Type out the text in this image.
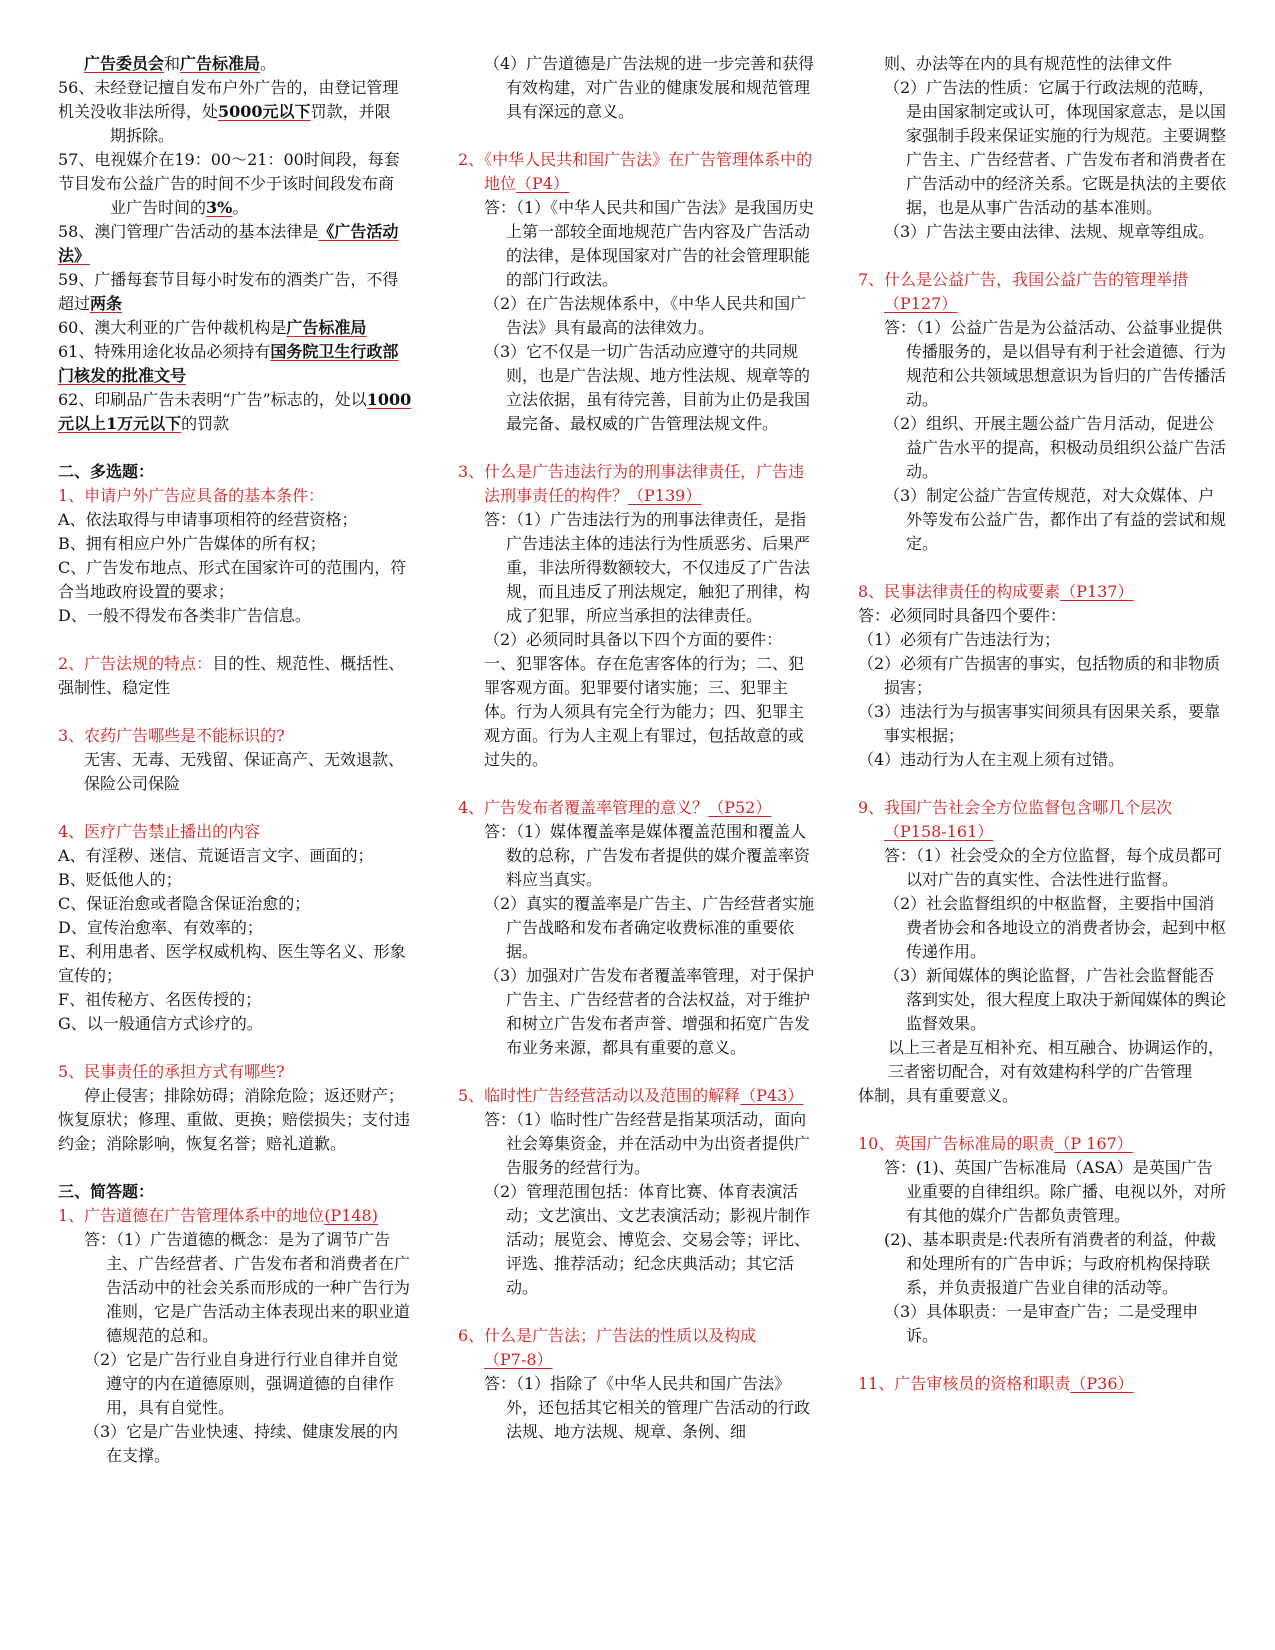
广告委员会和广告标准局。

56、未经登记擅自发布户外广告的，由登记管理机关没收非法所得，处5000元以下罚款，并限

期拆除。

57、电视媒介在19：00～21：00时间段，每套节目发布公益广告的时间不少于该时间段发布商

业广告时间的3%。

58、澳门管理广告活动的基本法律是《广告活动法》

59、广播每套节目每小时发布的酒类广告，不得超过两条

60、澳大利亚的广告仲裁机构是广告标准局

61、特殊用途化妆品必须持有国务院卫生行政部门核发的批准文号

62、印刷品广告未表明“广告”标志的，处以1000元以上1万元以下的罚款

二、多选题：

1、申请户外广告应具备的基本条件：

A、依法取得与申请事项相符的经营资格；

B、拥有相应户外广告媒体的所有权；

C、广告发布地点、形式在国家许可的范围内，符合当地政府设置的要求；

D、一般不得发布各类非广告信息。

2、广告法规的特点：目的性、规范性、概括性、强制性、稳定性

3、农药广告哪些是不能标识的?

无害、无毒、无残留、保证高产、无效退款、保险公司保险

4、医疗广告禁止播出的内容

A、有淫秽、迷信、荒诞语言文字、画面的；

B、贬低他人的；

C、保证治愈或者隐含保证治愈的；

D、宣传治愈率、有效率的；

E、利用患者、医学权威机构、医生等名义、形象宣传的；

F、祖传秘方、名医传授的；

G、以一般通信方式诊疗的。

5、民事责任的承担方式有哪些?

停止侵害；排除妨碍；消除危险；返还财产；恢复原状；修理、重做、更换；赔偿损失；支付违约金；消除影响，恢复名誉；赔礼道歉。

三、简答题：

1、广告道德在广告管理体系中的地位(P148)

答：（1）广告道德的概念：是为了调节广告主、广告经营者、广告发布者和消费者在广告活动中的社会关系而形成的一种广告行为准则，它是广告活动主体表现出来的职业道德规范的总和。

（2）它是广告行业自身进行行业自律并自觉遵守的内在道德原则，强调道德的自律作用，具有自觉性。

（3）它是广告业快速、持续、健康发展的内在支撑。

（4）广告道德是广告法规的进一步完善和获得有效构建，对广告业的健康发展和规范管理具有深远的意义。

2、《中华人民共和国广告法》在广告管理体系中的地位（P4）

答：（1）《中华人民共和国广告法》是我国历史上第一部较全面地规范广告内容及广告活动的法律，是体现国家对广告的社会管理职能的部门行政法。

（2）在广告法规体系中，《中华人民共和国广告法》具有最高的法律效力。

（3）它不仅是一切广告活动应遵守的共同规则，也是广告法规、地方性法规、规章等的立法依据，虽有待完善，目前为止仍是我国最完备、最权威的广告管理法规文件。

3、什么是广告违法行为的刑事法律责任，广告违法刑事责任的构件？（P139）

答：（1）广告违法行为的刑事法律责任，是指广告违法主体的违法行为性质恶劣、后果严重，非法所得数额较大，不仅违反了广告法规，而且违反了刑法规定，触犯了刑律，构成了犯罪，所应当承担的法律责任。

（2）必须同时具备以下四个方面的要件：

一、犯罪客体。存在危害客体的行为；二、犯罪客观方面。犯罪要付诸实施；三、犯罪主体。行为人须具有完全行为能力；四、犯罪主观方面。行为人主观上有罪过，包括故意的或过失的。

4、广告发布者覆盖率管理的意义？（P52）

答：（1）媒体覆盖率是媒体覆盖范围和覆盖人数的总称，广告发布者提供的媒介覆盖率资料应当真实。

（2）真实的覆盖率是广告主、广告经营者实施广告战略和发布者确定收费标准的重要依据。

（3）加强对广告发布者覆盖率管理，对于保护广告主、广告经营者的合法权益，对于维护和树立广告发布者声誉、增强和拓宽广告发布业务来源，都具有重要的意义。

5、临时性广告经营活动以及范围的解释（P43）

答：（1）临时性广告经营是指某项活动，面向社会筹集资金，并在活动中为出资者提供广告服务的经营行为。

（2）管理范围包括：体育比赛、体育表演活动；文艺演出、文艺表演活动；影视片制作活动；展览会、博览会、交易会等；评比、评选、推荐活动；纪念庆典活动；其它活动。

6、什么是广告法；广告法的性质以及构成（P7-8）

答：（1）指除了《中华人民共和国广告法》外，还包括其它相关的管理广告活动的行政法规、地方法规、规章、条例、细

则、办法等在内的具有规范性的法律文件

（2）广告法的性质：它属于行政法规的范畴，是由国家制定或认可，体现国家意志，是以国家强制手段来保证实施的行为规范。主要调整广告主、广告经营者、广告发布者和消费者在广告活动中的经济关系。它既是执法的主要依据，也是从事广告活动的基本准则。

（3）广告法主要由法律、法规、规章等组成。

7、什么是公益广告，我国公益广告的管理举措（P127）

答：（1）公益广告是为公益活动、公益事业提供传播服务的，是以倡导有利于社会道德、行为规范和公共领域思想意识为旨归的广告传播活动。

（2）组织、开展主题公益广告月活动，促进公益广告水平的提高，积极动员组织公益广告活动。

（3）制定公益广告宣传规范，对大众媒体、户外等发布公益广告，都作出了有益的尝试和规定。

8、民事法律责任的构成要素（P137）

答：必须同时具备四个要件：

（1）必须有广告违法行为；

（2）必须有广告损害的事实，包括物质的和非物质损害；

（3）违法行为与损害事实间须具有因果关系，要靠事实根据；

（4）违动行为人在主观上须有过错。

9、我国广告社会全方位监督包含哪几个层次（P158-161）

答：（1）社会受众的全方位监督，每个成员都可以对广告的真实性、合法性进行监督。

（2）社会监督组织的中枢监督，主要指中国消费者协会和各地设立的消费者协会，起到中枢传递作用。

（3）新闻媒体的舆论监督，广告社会监督能否落到实处，很大程度上取决于新闻媒体的舆论监督效果。

以上三者是互相补充、相互融合、协调运作的，三者密切配合，对有效建构科学的广告管理

体制，具有重要意义。

10、英国广告标准局的职责（P 167）

答：(1)、英国广告标准局（ASA）是英国广告业重要的自律组织。除广播、电视以外，对所有其他的媒介广告都负责管理。

(2)、基本职责是:代表所有消费者的利益，仲裁和处理所有的广告申诉；与政府机构保持联系，并负责报道广告业自律的活动等。

（3）具体职责：一是审查广告；二是受理申诉。

11、广告审核员的资格和职责（P36）
